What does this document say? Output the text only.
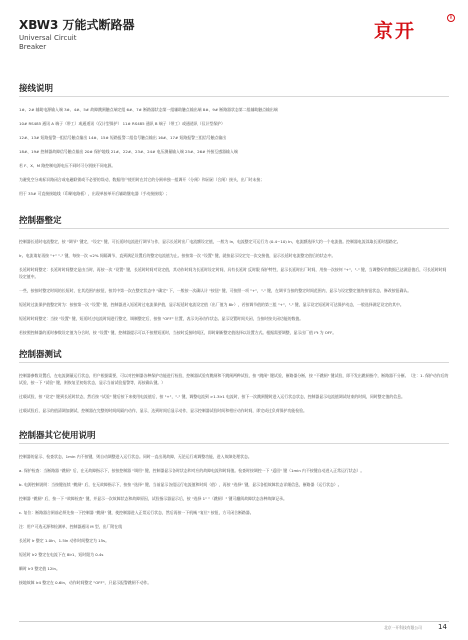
XBW3 万能式断路器
Universal Circuit
Breaker
京开
R
接线说明

1#、2# 辅助电源输入端 3#、4#、5# 故障跳闸触点端定组 6#、7# 断路器状态第一组辅助触点输出端 8#、9# 断路器状态第二组辅助触点输出端

10# RS485 通讯 A 端子（带工）或通道讯（仅计型保护） 11# RS485 通讯 B 端子（带工）或通道讯（仅计型保护）

12#、13# 短路报警一组信号触点输出 14#、15# 短路报警二组信号触点输出 16#、17# 短路报警三组信号触点输出

18#、19# 控制器故障信号触点输出 20# 保护地线 21#、22#、23#、24# 电压测量输入端 25#、26# 外接互感器输入端

若 F、X、M 路控制电源电压不同时可分别接不同电源。

为避免空分或标识路闭合或电磁联锁或不必要的误动，数据用户使用时在其它的分闸单独一组调开（分闸）和闭闭（合闸）接头，出厂时未接；

用于 35# 可直接接地线（印刷电路板），出现单接单开后辅助继电器（手动接接线）；

控制器整定

控制器长延时电流整定，按 "调节" 键定，"设定" 键，可长延时电流进行调节与作，显示长延时出厂电流额设定值，一般为 In，电流整定可运行为 (0.4~10) In，电流额选择大约一个电流值。控制器电流读取长延时超路定。

Ir。电流请复再按 "+" "-" 键，每按一次 <2% 间隔调节，直到满足设置后的整定电流值为止。按按第一次 "设置" 键，就按显示设定完一次交接值，显示长延时电流整定值后的状态中。

长延时时间整定：长延时时间整定是由当时，再按一次 "设置" 键，长延时时间对设定值，其动作时间为长延时设定时间，具有长延时 反时限 保护特性，显示长延时出厂时间，用按一次按何 "+"，"-" 键，当调整好的数据已达满意值后，可长延时时间设定值中。

一些，按按时整定时间的长短时，在其范围内按钮，按其中第一次在整定状态中 "确定" 下，一般按一次确认计 "按钮" 键，可按照一项 "+"，"-" 键，在调节当按的整定时间范围内，显示与设定整定值的按钮状态，修改按钮确认。

短延时过流保护值整定时为：按按第一次 "设置" 键，控制器进入短延时过电流保护值，显示短延时电流设定值（出厂值为 8Ir），若按调节值的第三组 "+"，"-" 键，显示设定短延时可达保护动态，一般选择满足设定的其中。

短延时时间整定：当按 "设置" 键，短延时过电流时间进行整定，调制整定后，按按 "OFF" 位置，表示关闭动作状态。显示设置时间关闭，当按时按关闭功能的数值。

若按照控制器的延时参数设定值为分合时，按 "设置" 键，控制器提示可以不按照短延时，当按时反接时间区，即时刷新整定值选择以设置方式。根据需要调整，显示出厂值 I²t 为 OFF。

控制器测试

控制器参数设置后，在电流测量运行状态，用户根据需要，可以对控制器各种保护功能进行检验，控制器试验有跳闸和不跳闸两种试验，按 "跳闸" 键试验，断路器分断，按 "不跳闸" 键试验，即不发出跳闸指令，断路器不分断。（注：1. 保护动作后的试验，按一下 "试验" 键，则恢复至初始状态，显示当前试验报警等，再按确认键。）

过载试验，按 "设定" 键到长延时状态，然后按 "试验" 键后按下来使用电流值后，按 "+"，"-" 键，调整电流到 >1.3Ir1 电流时，按下一次跳闸键时进入运行状态状态，控制器显示电流值调试结束的时间，同时整定值的信息。

过载试验后，显示的值清调加测试，控制器在完整的时间间隔内动作，显示，达到时间后显示动作，显示控制器试验时间和相应动作时间，即完成过负荷保护功能检验。

控制器其它使用说明

控制器的显示、检查状态，1min 内不按键，则自动调整进入运行状态。同时一直出现故障，无论运行或调整功能，进入故障处理状态。

a. 保护检查：当断路器 "跳闸" 后，在无故障指示下，按按控制器 "调用" 键，控制器显示各时状态和对应的故障电流和时间值。检查时按调控一下 "返回" 键（1min 内不按键自动进入正常运行状态）。

b. 电源控制说明：当按键连续 "跳闸" 后，在无故障指示下，按按 "选择" 键，当前显示各组运行电流值和时间（值），再按 "选择" 键，显示各组故障状态详细信息，断路器（运行状态）。

控制器 "跳闸" 后，按一下 "故障检查" 键，并显示一次故障状态和故障原因，试验指示器显示后，按 "选择 1" "（跳闸）" 键可翻阅故障状态各种故障记录。

c. 复位：断路器合闸前必须先按一下控制器 "跳闸" 键，使控制器进入正常运行状态，然后再按一下机械 "复位" 按钮，方可闭合断路器。

注：用户可选无源和检测单，控制器通讯 M 型，出厂附在线

长延时 Ir 整定 1.0In，1.5In 动作时间整定为 15s。

短延时 Ir2 整定在电流下在 8Ir1，短时限为 0.4s

瞬时 Ir3 整定值 12In。

接地故障 Ir4 整定在 0.6In，动作时间整定 "OFF"，只显示报警跳闸不动作。

北京一开科技有限公司 14
